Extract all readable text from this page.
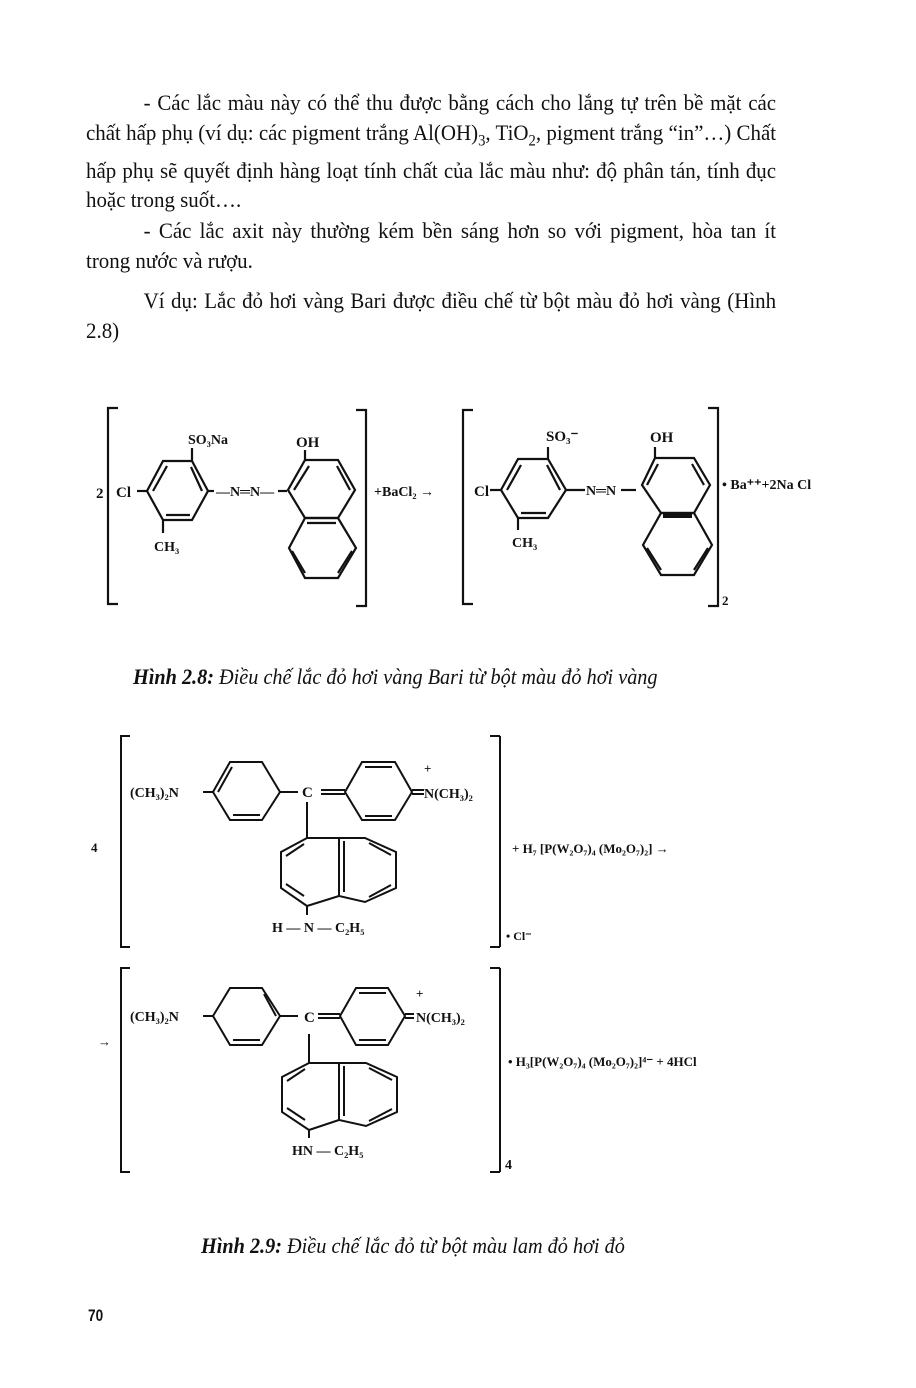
- Các lắc màu này có thể thu được bằng cách cho lắng tự trên bề mặt các chất hấp phụ (ví dụ: các pigment trắng $Al(OH)_3$, TiO$_2$, pigment trắng “in”…) Chất hấp phụ sẽ quyết định hàng loạt tính chất của lắc màu như: độ phân tán, tính đục hoặc trong suốt….
- Các lắc axit này thường kém bền sáng hơn so với pigment, hòa tan ít trong nước và rượu.
Ví dụ: Lắc đỏ hơi vàng Bari được điều chế từ bột màu đỏ hơi vàng (Hình 2.8)
2 Cl
SO₃Na	OH
CH₃
—N═N—	+BaCl₂ →	Cl
SO₃⁻	OH
CH₃
N═N
2
• Ba⁺⁺+2Na Cl
4
(CH₃)₂N	C
+
N(CH₃)₂
H — N — C₂H₅	• Cl⁻
+ H₇ [P(W₂O₇)₄ (Mo₂O₇)₂] →
→
(CH₃)₂N	C
+
N(CH₃)₂
HN — C₂H₅
4
• H₃[P(W₂O₇)₄ (Mo₂O₇)₂]⁴⁻ + 4HCl
Hình 2.8: Điều chế lắc đỏ hơi vàng Bari từ bột màu đỏ hơi vàng
Hình 2.9: Điều chế lắc đỏ từ bột màu lam đỏ hơi đỏ
70
